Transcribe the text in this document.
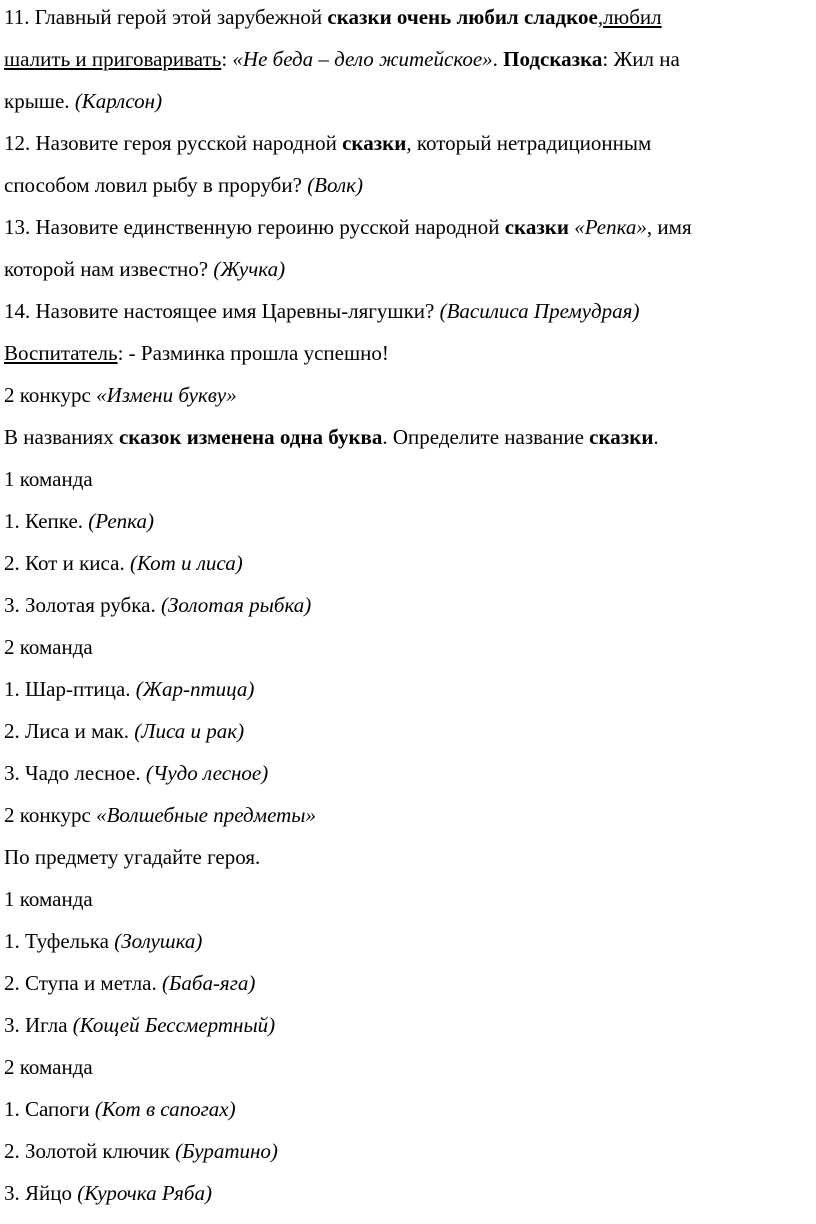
11. Главный герой этой зарубежной сказки очень любил сладкое,любил
шалить и приговаривать: «Не беда – дело житейское». Подсказка: Жил на
крыше. (Карлсон)
12. Назовите героя русской народной сказки, который нетрадиционным
способом ловил рыбу в проруби? (Волк)
13. Назовите единственную героиню русской народной сказки «Репка», имя
которой нам известно? (Жучка)
14. Назовите настоящее имя Царевны-лягушки? (Василиса Премудрая)
Воспитатель: - Разминка прошла успешно!
2 конкурс «Измени букву»
В названиях сказок изменена одна буква. Определите название сказки.
1 команда
1. Кепке. (Репка)
2. Кот и киса. (Кот и лиса)
3. Золотая рубка. (Золотая рыбка)
2 команда
1. Шар-птица. (Жар-птица)
2. Лиса и мак. (Лиса и рак)
3. Чадо лесное. (Чудо лесное)
2 конкурс «Волшебные предметы»
По предмету угадайте героя.
1 команда
1. Туфелька (Золушка)
2. Ступа и метла. (Баба-яга)
3. Игла (Кощей Бессмертный)
2 команда
1. Сапоги (Кот в сапогах)
2. Золотой ключик (Буратино)
3. Яйцо (Курочка Ряба)
